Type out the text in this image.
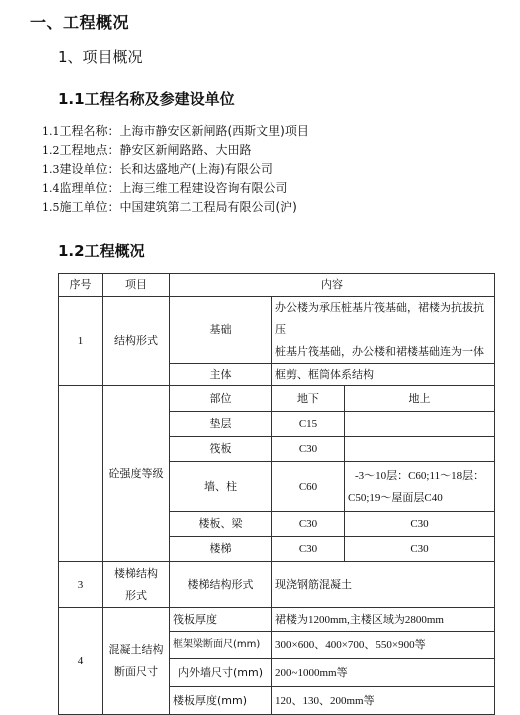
一、工程概况
1、项目概况
1.1工程名称及参建设单位
1.1工程名称：上海市静安区新闸路(西斯文里)项目
1.2工程地点：静安区新闸路路、大田路
1.3建设单位：长和达盛地产(上海)有限公司
1.4监理单位：上海三维工程建设咨询有限公司
1.5施工单位：中国建筑第二工程局有限公司(沪)
1.2工程概况
序号	项目	内容		
1	结构形式	基础	办公楼为承压桩基片筏基础，裙楼为抗拔抗压
桩基片筏基础，办公楼和裙楼基础连为一体	

		主体	框剪、框筒体系结构	
	砼强度等级	部位	地下	地上
		垫层	C15	
		筏板	C30	
		墙、柱	C60	-3～10层：C60;11～18层：
C50;19～屋面层C40

		楼板、梁	C30	C30
		楼梯	C30	C30
3	楼梯结构
形式	楼梯结构形式	现浇钢筋混凝土	
4	混凝土结构
断面尺寸	筏板厚度	裙楼为1200mm,主楼区域为2800mm	
		框架梁断面尺(mm)	300×600、400×700、550×900等	
		内外墙尺寸(mm)	200~1000mm等	
		楼板厚度(mm)	120、130、200mm等	
